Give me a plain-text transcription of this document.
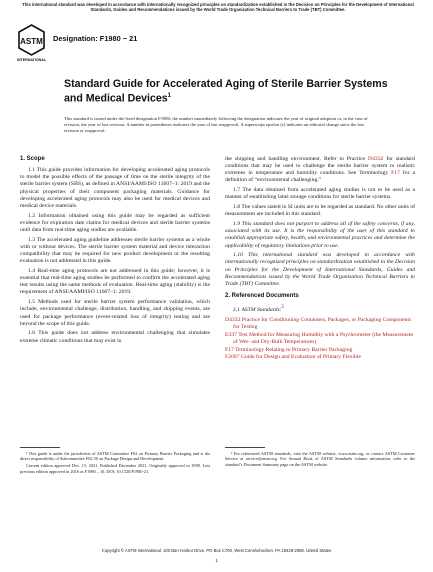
This international standard was developed in accordance with internationally recognized principles on standardization established in the Decision on Principles for the Development of International Standards, Guides and Recommendations issued by the World Trade Organization Technical Barriers to Trade (TBT) Committee.
ASTM
INTERNATIONAL
Designation: F1980 − 21
Standard Guide for Accelerated Aging of Sterile Barrier Systems and Medical Devices$^1$
This standard is issued under the fixed designation F1980; the number immediately following the designation indicates the year of original adoption or, in the case of revision, the year of last revision. A number in parentheses indicates the year of last reapproval. A superscript epsilon (ε) indicates an editorial change since the last revision or reapproval.
1. Scope
1.1 This guide provides information for developing accelerated aging protocols to model the possible effects of the passage of time on the sterile integrity of the sterile barrier system (SBS), as defined in ANSI/AAMI/ISO 11607–1: 2019 and the physical properties of their component packaging materials. Guidance for developing accelerated aging protocols may also be used for medical devices and medical device materials.
1.2 Information obtained using this guide may be regarded as sufficient evidence for expiration date claims for medical devices and sterile barrier systems until data from real-time aging studies are available.
1.3 The accelerated aging guideline addresses sterile barrier systems as a whole with or without devices. The sterile barrier system material and device interaction compatibility that may be required for new product development or the resulting evaluation is not addressed in this guide.
1.4 Real-time aging protocols are not addressed in this guide; however, it is essential that real-time aging studies be performed to confirm the accelerated aging test results using the same methods of evaluation. Real-time aging (stability) is the requirement of ANSI/AAMI/ISO 11607–1: 2019.
1.5 Methods used for sterile barrier system performance validation, which include, environmental challenge, distribution, handling, and shipping events, are used for package performance (event-related loss of integrity) testing and are beyond the scope of this guide.
1.6 This guide does not address environmental challenging that simulates extreme climatic conditions that may exist in
the shipping and handling environment. Refer to Practice D4332 for standard conditions that may be used to challenge the sterile barrier system to realistic extremes in temperature and humidity conditions. See Terminology F17 for a definition of “environmental challenging.”
1.7 The data obtained from accelerated aging studies is not to be used as a manner of establishing label storage conditions for sterile barrier systems.
1.8 The values stated in SI units are to be regarded as standard. No other units of measurement are included in this standard.
1.9 This standard does not purport to address all of the safety concerns, if any, associated with its use. It is the responsibility of the user of this standard to establish appropriate safety, health, and environmental practices and determine the applicability of regulatory limitations prior to use.
1.10 This international standard was developed in accordance with internationally recognized principles on standardization established in the Decision on Principles for the Development of International Standards, Guides and Recommendations issued by the World Trade Organization Technical Barriers to Trade (TBT) Committee.
2. Referenced Documents
2.1 ASTM Standards:$^2$
D4332 Practice for Conditioning Containers, Packages, or Packaging Components for Testing
E337 Test Method for Measuring Humidity with a Psychrometer (the Measurement of Wet- and Dry-Bulb Temperatures)
F17 Terminology Relating to Primary Barrier Packaging
F2097 Guide for Design and Evaluation of Primary Flexible
¹ This guide is under the jurisdiction of ASTM Committee F02 on Primary Barrier Packaging and is the direct responsibility of Subcommittee F02.50 on Package Design and Development.
Current edition approved Dec. 15, 2021. Published December 2021. Originally approved in 1999. Last previous edition approved in 2016 as F1980 – 16. DOI: 10.1520/F1980-21.
² For referenced ASTM standards, visit the ASTM website, www.astm.org, or contact ASTM Customer Service at service@astm.org. For Annual Book of ASTM Standards volume information, refer to the standard’s Document Summary page on the ASTM website.
Copyright © ASTM International, 100 Barr Harbor Drive, PO Box C700, West Conshohocken, PA 19428-2959. United States
1
